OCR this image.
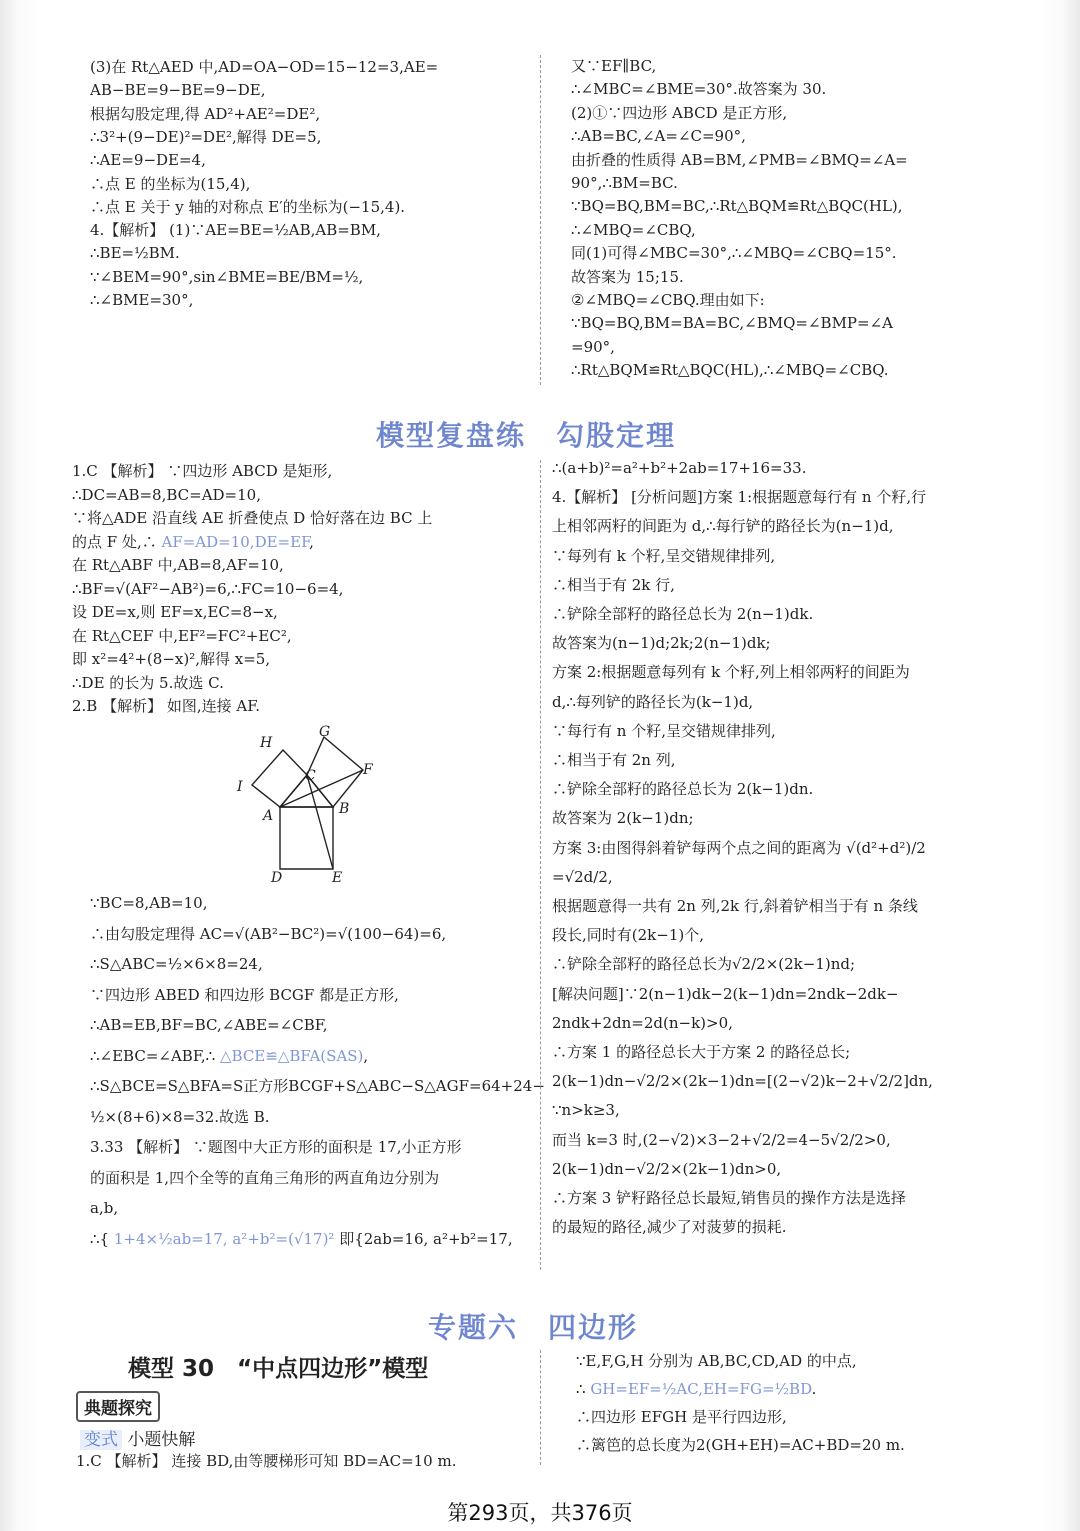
(3)在 Rt△AED 中,AD=OA−OD=15−12=3,AE=
AB−BE=9−BE=9−DE,
根据勾股定理,得 AD²+AE²=DE²,
∴3²+(9−DE)²=DE²,解得 DE=5,
∴AE=9−DE=4,
∴点 E 的坐标为(15,4),
∴点 E 关于 y 轴的对称点 E′的坐标为(−15,4).
4.【解析】 (1)∵AE=BE=½AB,AB=BM,
∴BE=½BM.
∵∠BEM=90°,sin∠BME=BE/BM=½,
∴∠BME=30°,
又∵EF∥BC,
∴∠MBC=∠BME=30°.故答案为 30.
(2)①∵四边形 ABCD 是正方形,
∴AB=BC,∠A=∠C=90°,
由折叠的性质得 AB=BM,∠PMB=∠BMQ=∠A=
90°,∴BM=BC.
∵BQ=BQ,BM=BC,∴Rt△BQM≌Rt△BQC(HL),
∴∠MBQ=∠CBQ,
同(1)可得∠MBC=30°,∴∠MBQ=∠CBQ=15°.
故答案为 15;15.
②∠MBQ=∠CBQ.理由如下:
∵BQ=BQ,BM=BA=BC,∠BMQ=∠BMP=∠A
=90°,
∴Rt△BQM≌Rt△BQC(HL),∴∠MBQ=∠CBQ.
模型复盘练　勾股定理
1.C 【解析】 ∵四边形 ABCD 是矩形,
∴DC=AB=8,BC=AD=10,
∵将△ADE 沿直线 AE 折叠使点 D 恰好落在边 BC 上
的点 F 处,∴ AF=AD=10,DE=EF,
在 Rt△ABF 中,AB=8,AF=10,
∴BF=√(AF²−AB²)=6,∴FC=10−6=4,
设 DE=x,则 EF=x,EC=8−x,
在 Rt△CEF 中,EF²=FC²+EC²,
即 x²=4²+(8−x)²,解得 x=5,
∴DE 的长为 5.故选 C.
2.B 【解析】 如图,连接 AF.
∵BC=8,AB=10,
∴由勾股定理得 AC=√(AB²−BC²)=√(100−64)=6,
∴S△ABC=½×6×8=24,
∵四边形 ABED 和四边形 BCGF 都是正方形,
∴AB=EB,BF=BC,∠ABE=∠CBF,
∴∠EBC=∠ABF,∴ △BCE≌△BFA(SAS),
∴S△BCE=S△BFA=S正方形BCGF+S△ABC−S△AGF=64+24−
½×(8+6)×8=32.故选 B.
3.33 【解析】 ∵题图中大正方形的面积是 17,小正方形
的面积是 1,四个全等的直角三角形的两直角边分别为
a,b,
∴{ 1+4×½ab=17, a²+b²=(√17)² 即{2ab=16, a²+b²=17,
∴(a+b)²=a²+b²+2ab=17+16=33.
4.【解析】 [分析问题]方案 1:根据题意每行有 n 个籽,行
上相邻两籽的间距为 d,∴每行铲的路径长为(n−1)d,
∵每列有 k 个籽,呈交错规律排列,
∴相当于有 2k 行,
∴铲除全部籽的路径总长为 2(n−1)dk.
故答案为(n−1)d;2k;2(n−1)dk;
方案 2:根据题意每列有 k 个籽,列上相邻两籽的间距为
d,∴每列铲的路径长为(k−1)d,
∵每行有 n 个籽,呈交错规律排列,
∴相当于有 2n 列,
∴铲除全部籽的路径总长为 2(k−1)dn.
故答案为 2(k−1)dn;
方案 3:由图得斜着铲每两个点之间的距离为 √(d²+d²)/2
=√2d/2,
根据题意得一共有 2n 列,2k 行,斜着铲相当于有 n 条线
段长,同时有(2k−1)个,
∴铲除全部籽的路径总长为√2/2×(2k−1)nd;
[解决问题]∵2(n−1)dk−2(k−1)dn=2ndk−2dk−
2ndk+2dn=2d(n−k)>0,
∴方案 1 的路径总长大于方案 2 的路径总长;
2(k−1)dn−√2/2×(2k−1)dn=[(2−√2)k−2+√2/2]dn,
∵n>k≥3,
而当 k=3 时,(2−√2)×3−2+√2/2=4−5√2/2>0,
2(k−1)dn−√2/2×(2k−1)dn>0,
∴方案 3 铲籽路径总长最短,销售员的操作方法是选择
的最短的路径,减少了对菠萝的损耗.
H
G
C	F
I
A	B
D	E
专题六　四边形
模型 30　“中点四边形”模型
典题探究
变式 小题快解
1.C 【解析】 连接 BD,由等腰梯形可知 BD=AC=10 m.
∵E,F,G,H 分别为 AB,BC,CD,AD 的中点,
∴ GH=EF=½AC,EH=FG=½BD.
∴四边形 EFGH 是平行四边形,
∴篱笆的总长度为2(GH+EH)=AC+BD=20 m.
第293页，共376页
